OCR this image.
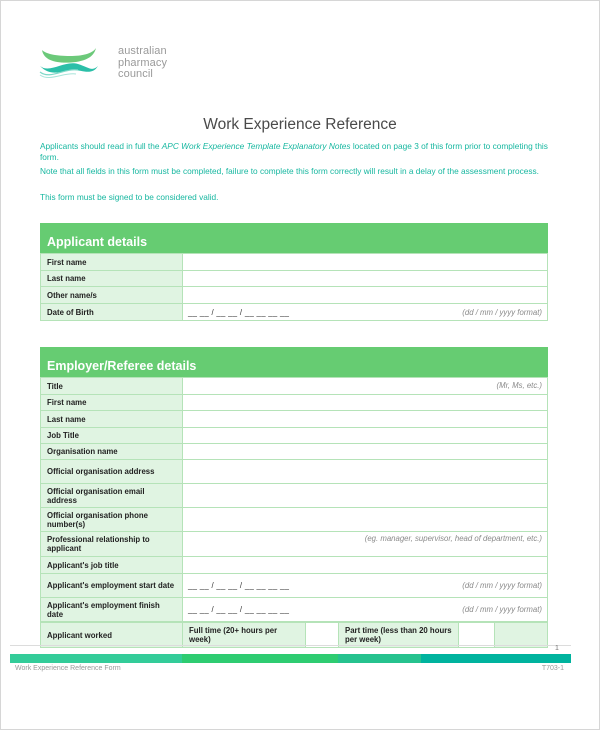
australian
pharmacy
council
Work Experience Reference
Applicants should read in full the APC Work Experience Template Explanatory Notes located on page 3 of this form prior to completing this form.
Note that all fields in this form must be completed, failure to complete this form correctly will result in a delay of the assessment process.
This form must be signed to be considered valid.
Applicant details
First name	
Last name	
Other name/s	
Date of Birth	__ __ / __ __ / __ __ __ __ (dd / mm / yyyy format)
Employer/Referee details
Title	(Mr, Ms, etc.)

First name	
Last name	
Job Title	
Organisation name	
Official organisation address	
Official organisation email address	
Official organisation phone number(s)	
Professional relationship to applicant	(eg. manager, supervisor, head of department, etc.)

Applicant's job title	
Applicant's employment start date	__ __ / __ __ / __ __ __ __ (dd / mm / yyyy format)

Applicant's employment finish date	__ __ / __ __ / __ __ __ __ (dd / mm / yyyy format)
Applicant worked	Full time (20+ hours per week)		Part time (less than 20 hours per week)		
1
Work Experience Reference Form	T703-1
